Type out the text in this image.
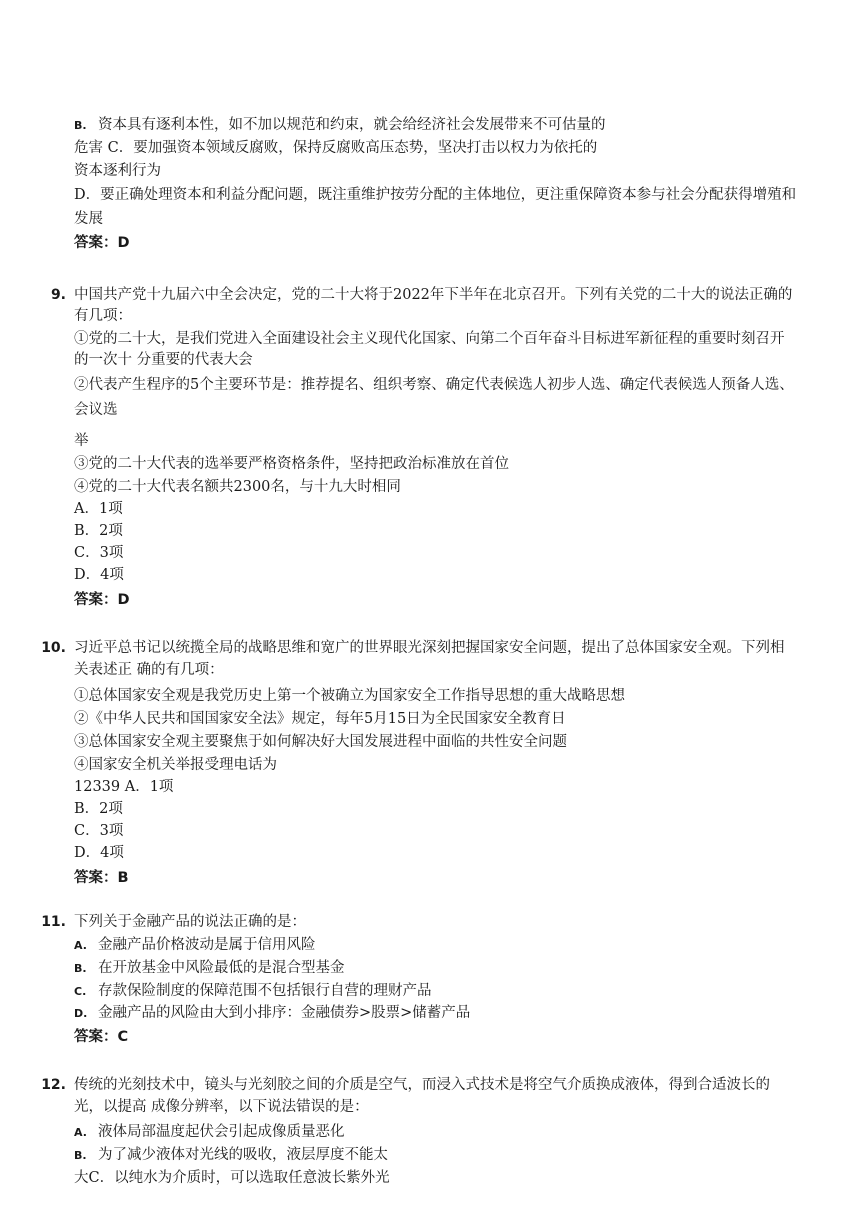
B. 资本具有逐利本性，如不加以规范和约束，就会给经济社会发展带来不可估量的
危害 C．要加强资本领域反腐败，保持反腐败高压态势，坚决打击以权力为依托的
资本逐利行为
D．要正确处理资本和利益分配问题，既注重维护按劳分配的主体地位，更注重保障资本参与社会分配获得增殖和
发展
答案：D
9. 中国共产党十九届六中全会决定，党的二十大将于2022年下半年在北京召开。下列有关党的二十大的说法正确的
有几项：
①党的二十大，是我们党进入全面建设社会主义现代化国家、向第二个百年奋斗目标进军新征程的重要时刻召开
的一次十 分重要的代表大会
②代表产生程序的5个主要环节是：推荐提名、组织考察、确定代表候选人初步人选、确定代表候选人预备人选、
会议选
举
③党的二十大代表的选举要严格资格条件，坚持把政治标准放在首位
④党的二十大代表名额共2300名，与十九大时相同
A．1项
B．2项
C．3项
D．4项
答案：D
10. 习近平总书记以统揽全局的战略思维和宽广的世界眼光深刻把握国家安全问题，提出了总体国家安全观。下列相
关表述正 确的有几项：
①总体国家安全观是我党历史上第一个被确立为国家安全工作指导思想的重大战略思想
②《中华人民共和国国家安全法》规定，每年5月15日为全民国家安全教育日
③总体国家安全观主要聚焦于如何解决好大国发展进程中面临的共性安全问题
④国家安全机关举报受理电话为
12339 A．1项
B．2项
C．3项
D．4项
答案：B
11. 下列关于金融产品的说法正确的是：
A. 金融产品价格波动是属于信用风险
B. 在开放基金中风险最低的是混合型基金
C. 存款保险制度的保障范围不包括银行自营的理财产品
D. 金融产品的风险由大到小排序：金融债券>股票>储蓄产品
答案：C
12. 传统的光刻技术中，镜头与光刻胶之间的介质是空气，而浸入式技术是将空气介质换成液体，得到合适波长的
光，以提高 成像分辨率，以下说法错误的是：
A. 液体局部温度起伏会引起成像质量恶化
B. 为了减少液体对光线的吸收，液层厚度不能太
大C．以纯水为介质时，可以选取任意波长紫外光
